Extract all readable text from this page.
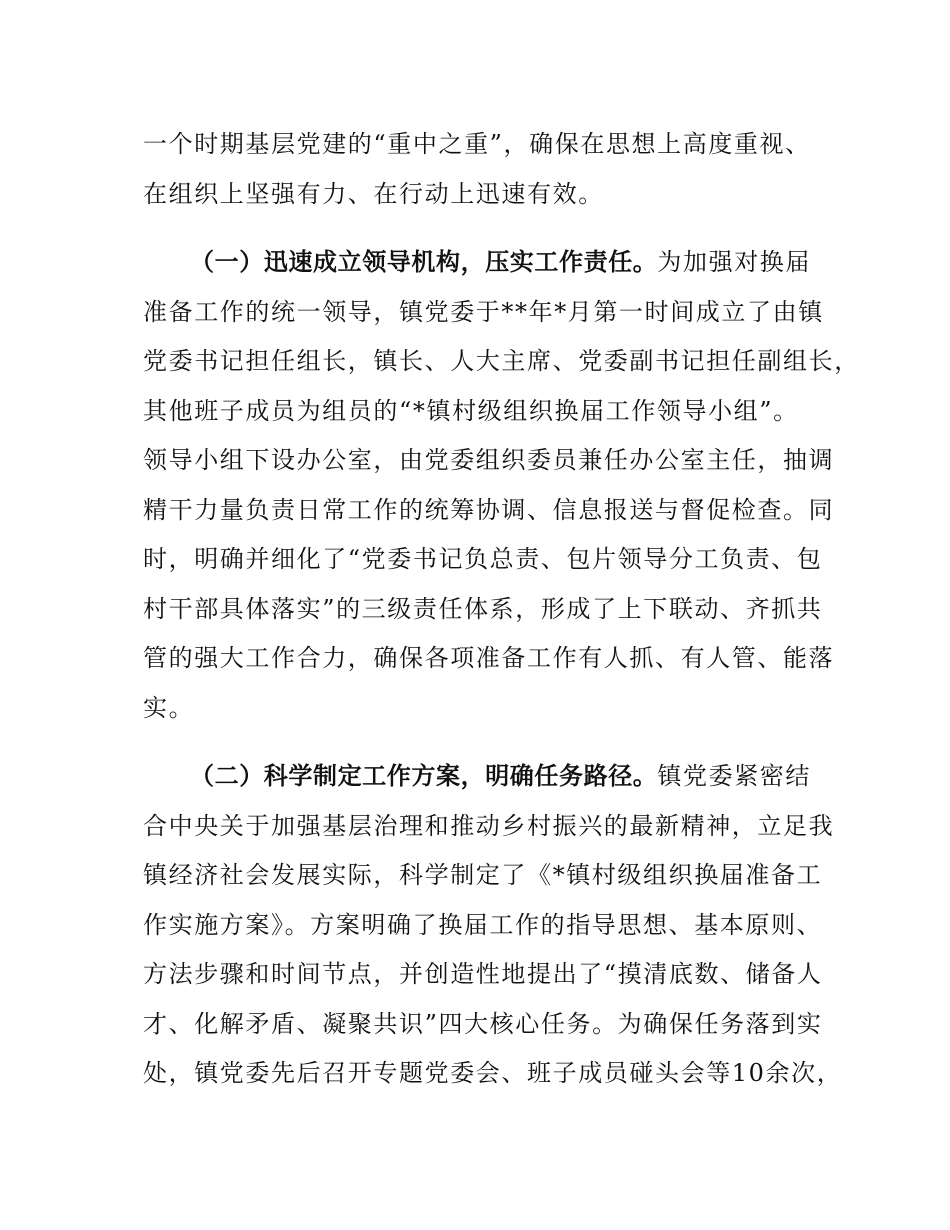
一个时期基层党建的“重中之重”，确保在思想上高度重视、
在组织上坚强有力、在行动上迅速有效。
（一）迅速成立领导机构，压实工作责任。为加强对换届
准备工作的统一领导，镇党委于**年*月第一时间成立了由镇
党委书记担任组长，镇长、人大主席、党委副书记担任副组长，
其他班子成员为组员的“*镇村级组织换届工作领导小组”。
领导小组下设办公室，由党委组织委员兼任办公室主任，抽调
精干力量负责日常工作的统筹协调、信息报送与督促检查。同
时，明确并细化了“党委书记负总责、包片领导分工负责、包
村干部具体落实”的三级责任体系，形成了上下联动、齐抓共
管的强大工作合力，确保各项准备工作有人抓、有人管、能落
实。
（二）科学制定工作方案，明确任务路径。镇党委紧密结
合中央关于加强基层治理和推动乡村振兴的最新精神，立足我
镇经济社会发展实际，科学制定了《*镇村级组织换届准备工
作实施方案》。方案明确了换届工作的指导思想、基本原则、
方法步骤和时间节点，并创造性地提出了“摸清底数、储备人
才、化解矛盾、凝聚共识”四大核心任务。为确保任务落到实
处，镇党委先后召开专题党委会、班子成员碰头会等10余次，
